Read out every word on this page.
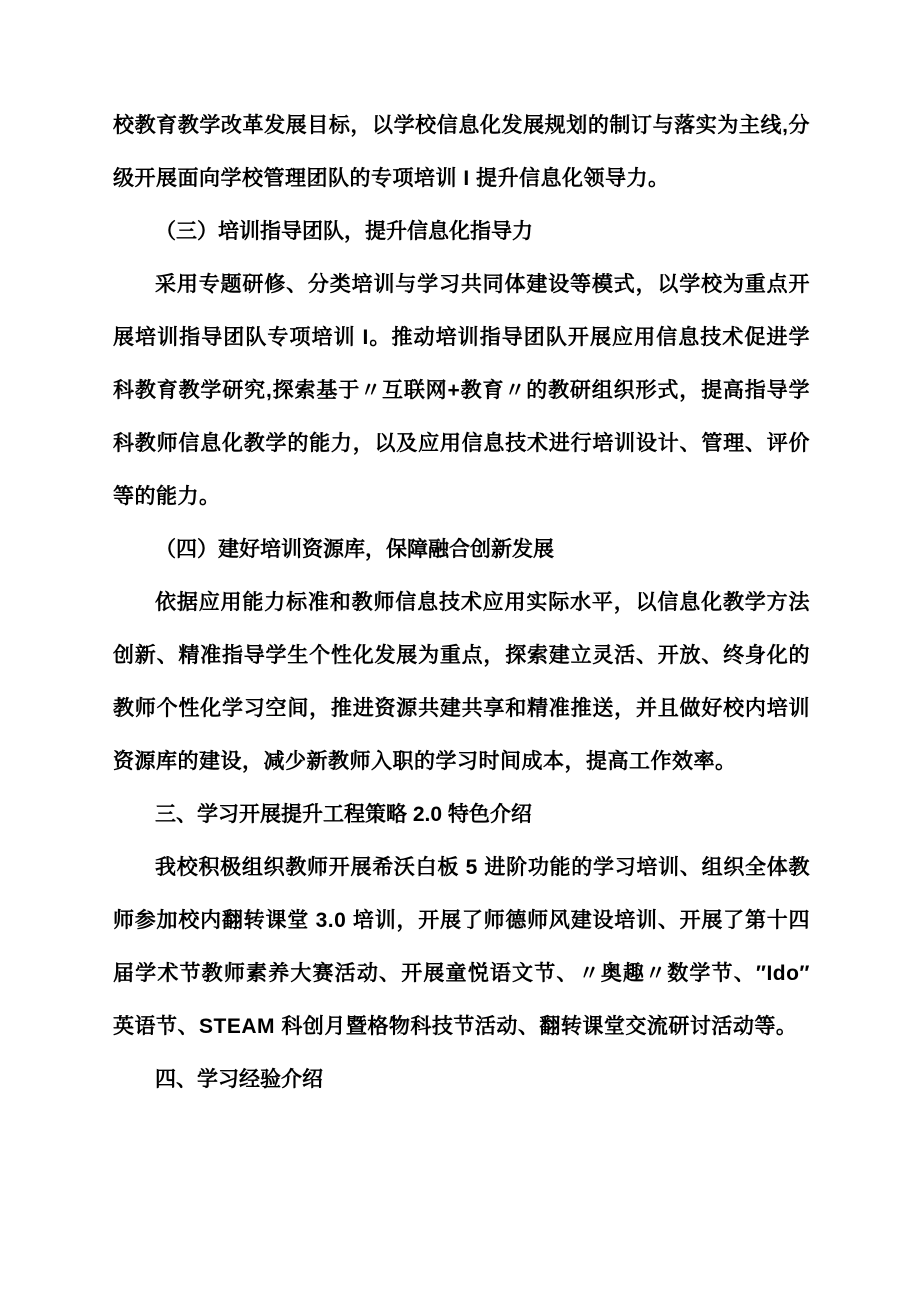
校教育教学改革发展目标，以学校信息化发展规划的制订与落实为主线,分级开展面向学校管理团队的专项培训 I 提升信息化领导力。

（三）培训指导团队，提升信息化指导力

采用专题研修、分类培训与学习共同体建设等模式，以学校为重点开展培训指导团队专项培训 I。推动培训指导团队开展应用信息技术促进学科教育教学研究,探索基于〃互联网+教育〃的教研组织形式，提高指导学科教师信息化教学的能力，以及应用信息技术进行培训设计、管理、评价等的能力。

（四）建好培训资源库，保障融合创新发展

依据应用能力标准和教师信息技术应用实际水平，以信息化教学方法创新、精准指导学生个性化发展为重点，探索建立灵活、开放、终身化的教师个性化学习空间，推进资源共建共享和精准推送，并且做好校内培训资源库的建设，减少新教师入职的学习时间成本，提高工作效率。

三、学习开展提升工程策略 2.0 特色介绍

我校积极组织教师开展希沃白板 5 进阶功能的学习培训、组织全体教师参加校内翻转课堂 3.0 培训，开展了师德师风建设培训、开展了第十四届学术节教师素养大赛活动、开展童悦语文节、〃奥趣〃数学节、″Ido″英语节、STEAM 科创月暨格物科技节活动、翻转课堂交流研讨活动等。

四、学习经验介绍
